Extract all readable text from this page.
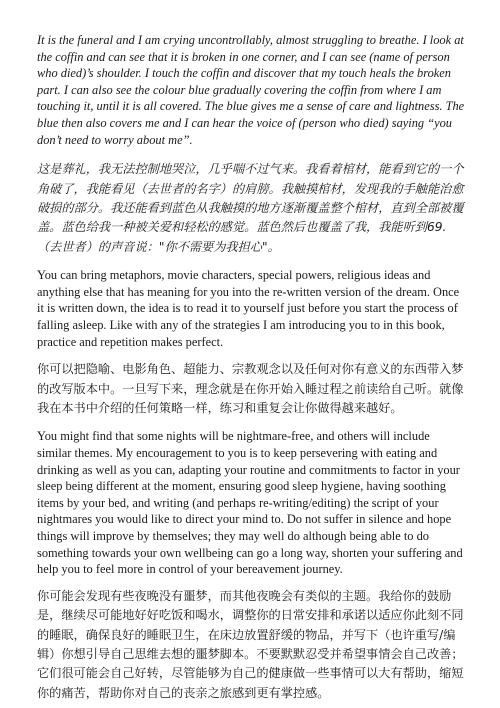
It is the funeral and I am crying uncontrollably, almost struggling to breathe. I look at the coffin and can see that it is broken in one corner, and I can see (name of person who died)’s shoulder. I touch the coffin and discover that my touch heals the broken part. I can also see the colour blue gradually covering the coffin from where I am touching it, until it is all covered. The blue gives me a sense of care and lightness. The blue then also covers me and I can hear the voice of (person who died) saying “you don’t need to worry about me”.

这是葬礼，我无法控制地哭泣，几乎喘不过气来。我看着棺材，能看到它的一个角破了，我能看见（去世者的名字）的肩膀。我触摸棺材，发现我的手触能治愈破损的部分。我还能看到蓝色从我触摸的地方逐渐覆盖整个棺材，直到全部被覆盖。蓝色给我一种被关爱和轻松的感觉。蓝色然后也覆盖了我，我能听到69.（去世者）的声音说："你不需要为我担心"。

You can bring metaphors, movie characters, special powers, religious ideas and anything else that has meaning for you into the re-written version of the dream. Once it is written down, the idea is to read it to yourself just before you start the process of falling asleep. Like with any of the strategies I am introducing you to in this book, practice and repetition makes perfect.

你可以把隐喻、电影角色、超能力、宗教观念以及任何对你有意义的东西带入梦的改写版本中。一旦写下来，理念就是在你开始入睡过程之前读给自己听。就像我在本书中介绍的任何策略一样，练习和重复会让你做得越来越好。

You might find that some nights will be nightmare-free, and others will include similar themes. My encouragement to you is to keep persevering with eating and drinking as well as you can, adapting your routine and commitments to factor in your sleep being different at the moment, ensuring good sleep hygiene, having soothing items by your bed, and writing (and perhaps re-writing/editing) the script of your nightmares you would like to direct your mind to. Do not suffer in silence and hope things will improve by themselves; they may well do although being able to do something towards your own wellbeing can go a long way, shorten your suffering and help you to feel more in control of your bereavement journey.

你可能会发现有些夜晚没有噩梦，而其他夜晚会有类似的主题。我给你的鼓励是，继续尽可能地好好吃饭和喝水，调整你的日常安排和承诺以适应你此刻不同的睡眠，确保良好的睡眠卫生，在床边放置舒缓的物品，并写下（也许重写/编辑）你想引导自己思维去想的噩梦脚本。不要默默忍受并希望事情会自己改善；它们很可能会自己好转，尽管能够为自己的健康做一些事情可以大有帮助，缩短你的痛苦，帮助你对自己的丧亲之旅感到更有掌控感。
